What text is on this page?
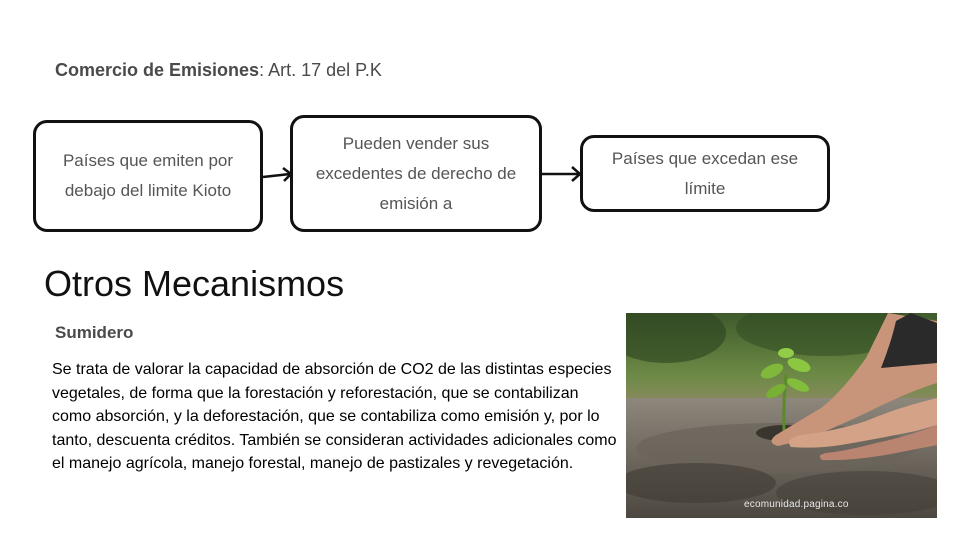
Comercio de Emisiones: Art. 17 del P.K
Países que emiten por debajo del limite Kioto
Pueden vender sus excedentes de derecho de emisión a
Países que excedan ese límite
Otros Mecanismos
Sumidero
Se trata de valorar la capacidad de absorción de CO2 de las distintas especies vegetales, de forma que la forestación y reforestación, que se contabilizan como absorción, y la deforestación, que se contabiliza como emisión y, por lo tanto, descuenta créditos. También se consideran actividades adicionales como el manejo agrícola, manejo forestal, manejo de pastizales y revegetación.
ecomunidad.pagina.co
